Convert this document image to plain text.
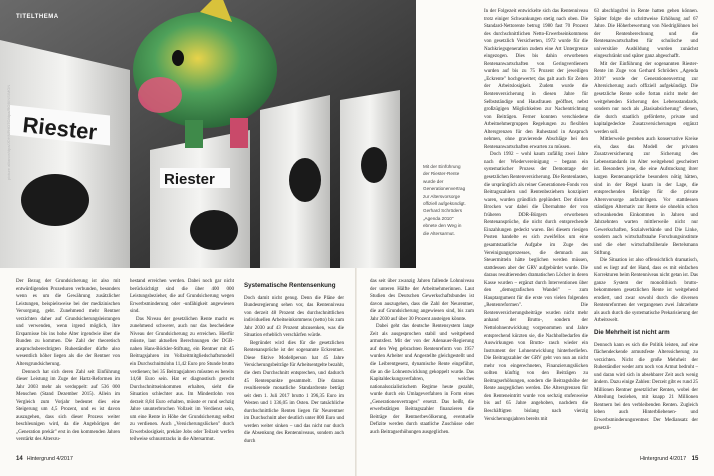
Riester
Riester
picture alliance/dpa/JOHNPHOTO/dpa/ROBINSIMON
TITELTHEMA
Mit der Einführung der Riester-Rente wurde der Generationenvertrag zur Altersvorsorge offiziell aufgekündigt. Gerhard Schröders „Agenda 2010" ebnete den Weg in die Altersarmut.

Der Bezug der Grundsicherung ist also mit entwürdigenden Prozeduren verbunden, besonders wenn es um die Gewährung zusätzlicher Leistungen, beispielsweise bei der medizinischen Versorgung, geht. Zunehmend mehr Rentner verzichten daher auf Grundsicherungsleistungen und verwenden, wenn irgend möglich, ihre Ersparnisse bis ins hohe Alter irgendwie über die Runden zu kommen. Die Zahl der theoretisch anspruchsberechtigten Ruheständler dürfte also wesentlich höher liegen als die der Rentner von Altersgrundsicherung.

Dennoch hat sich deren Zahl seit Einführung dieser Leistung im Zuge der Hartz-Reformen im Jahr 2003 mehr als verdoppelt: auf 536 000 Menschen (Stand Dezember 2015). Allein im Vergleich zum Vorjahr bedeutet dies eine Steigerung um 4,5 Prozent, und es ist davon auszugehen, dass sich dieser Prozess weiter beschleunigen wird, da die Angehörigen der „Generation prekär" erst in den kommenden Jahren verstärkt des Altersru-

hestand erreichen werden. Dabei noch gar nicht berücksichtigt sind die über 400 000 Leistungsbezieher, die auf Grundsicherung wegen Erwerbsminderung oder -unfähigkeit angewiesen sind.

Das Niveau der gesetzlichen Rente macht es zunehmend schwerer, auch nur das bescheidene Niveau der Grundsicherung zu erreichen. Hierfür müsste, laut aktuellen Berechnungen der DGB-nahen Hans-Böckler-Stiftung, ein Rentner mit 45 Beitragsjahren im Vollzeitmitgliedschaftsmodell ein Durchschnittslohn 11,42 Euro pro Stunde brutto verdienen; bei 35 Beitragsjahren müssten es bereits 14,68 Euro sein. Hat er diagnostisch gerecht Durchschnittseinkommen erhalten, sieht die Situation schlechter aus. Im Mindestlohn von derzeit 8,84 Euro erhalten, müsste er rund sechzig Jahre ununterbrochen Vollzeit im Verdienst sein, um eine Rente in Höhe der Grundsicherung selbst zu verdienen. Auch „Versicherungslücken" durch Erwerbslosigkeit, prekäre Jobs oder Teilzeit werfen teilweise schnurstracks in die Altersarmut.

Systematische Rentensenkung

Doch damit nicht genug. Denn die Pläne der Bundesregierung sehen vor, das Rentenniveau von derzeit 48 Prozent des durchschnittlichen individuellen Arbeitseinkommens (netto) bis zum Jahr 2030 auf 43 Prozent abzusenken, was die Situation erheblich verschärfen würde.

Begründet wird dies für die gesetzlichen Rentenansprüche ist der sogenannte Eckrentner. Diese fiktive Modellperson hat 45 Jahre Versicherungsbeiträge für Arbeitsentgelte bezahlt, die dem Durchschnitt entsprechen, und dadurch 45 Rentenpunkte gesammelt. Die daraus resultierende monatliche Standardrente beträgt seit dem 1. Juli 2017 brutto 1 396,35 Euro im Westen und 1 336,05 im Osten. Der tatsächliche durchschnittliche Renten liegen für Neurentner im Durchschnitt aber deutlich unter 800 Euro und werden weiter sinken – und das nicht nur durch die Absenkung des Rentenniveaus, sondern auch durch

das seit über zwanzig Jahren fallende Lohnniveau der unteren Hälfte der Arbeitnehmerinnen. Laut Studien des Deutschen Gewerkschaftsbundes ist davon auszugehen, dass die Zahl der Neurentner, die auf Grundsicherung angewiesen sind, bis zum Jahr 2030 auf über 30 Prozent ansteigen könnte.

Dabei geht das deutsche Rentensystem lange Zeit als ausgesprochen stabil und weitgehend armutsfest. Mit der von der Adenauer-Regierung auf den Weg gebrachten Rentenreform von 1957 wurden Arbeiter und Angestellte gleichgestellt und die Leibrentgesetz, dynamische Rente eingeführt, die an die Lohnentwicklung gekoppelt wurde. Das Kapitaldeckungsverfahren, welches nationalsozialistischem Regime heute gezahlt, wurde durch ein Umlageverfahren in Form eines „Generationenvertrages" ersetzt. Das heißt, die erwerbstätigen Beitragszahler finanzieren die Beiträge der Rentnerbevölkerung, eventuelle Defizite werden durch staatliche Zuschüsse oder auch Beitragserhöhungen ausgeglichen.

In der Folgezeit entwickelte sich das Rentenniveau trotz einiger Schwankungen stetig nach oben. Die Standard-Nettorente betrug 1980 fast 70 Prozent des durchschnittlichen Netto-Erwerbseinkommens von gesetzlich Versicherten, 1972 wurde für die Nachkriegsgeneration zudem eine Art Untergrenze eingezogen. Dies bis dahin erworbenen Rentenanwartschaften von Geringverdienern wurden auf bis zu 75 Prozent der jeweiligen „Eckrente" hochgewertet; das galt auch für Zeiten der Arbeitslosigkeit. Zudem wurde die Rentenversicherung in diesen Jahre für Selbstständige und Hausfrauen geöffnet, nebst großzügigen Möglichkeiten zur Nachentrichtung von Beiträgen. Ferner konnten verschiedene Arbeitnehmergruppen Regelungen zu flexiblen Altersgrenzen für den Ruhestand in Anspruch nehmen, ohne gravierende Abschläge bei den Rentenanwartschaften erwarten zu müssen.

Doch 1992 – wohl kaum zufällig zwei Jahre nach der Wiedervereinigung – begann ein systematischer Prozess der Demontage der gesetzlichen Rentenversicherung. Die Rentenlasten, die ursprünglich als reiner Generationen-Fonds von Beitragszahlern und Rentenbeziehern konzipiert waren, wurden gründlich geplündert. Der dickste Brocken war dabei die Übernahme der von früheren DDR-Bürgern erworbenen Rentenansprüche, die nicht durch entsprechende Einzahlungen gedeckt waren. Bei diesem riesigen Posten handelte es sich zweifellos um eine gesamtstaatliche Aufgabe im Zuge des Vereinigungsprozesses, die demnach aus Steuermitteln hätte beglichen werden müssen, stattdessen aber der GRV aufgebürdet wurde. Die daraus resultierenden dramatischen Löcher in deren Kasse wurden – ergänzt durch Interventionen über den „demografischen Wandel" – zum Hauptargument für die erste von vielen folgenden „Rentenreformen". Die Rentenversicherungsbeiträge wurden nicht mehr anhand der Brutto-, sondern der Nettolohnentwicklung vorgenommen und Jahre entsprechend kürzten sie, die Nachholbedarfen die Auswirkungen von Brutto- rasch wieder ein Instrument der Lohnentwicklung hinterherliefen. Die Beitragszahler der GRV geht von nun an nicht mehr von eingerechneten, Finanzierungslücken sollten künftig von den Beiträgen zu Beitragserhöhungen, sondern die Beitragshöhe der Rente ausgeglichen werden. Die Altersgrenzen für den Renteneintritt wurde von sechzig stufenweise bis auf 65 Jahre angehoben, nachdem die Beschäftigten bislang nach vierzig Versicherungsjahren bereits mit

63 abschlagsfrei in Rente hatten gehen können. Später folgte die schrittweise Erhöhung auf 67 Jahre. Die Höherbewertung von Niedriglöhnen bei der Rentenberechnung und die Rentenanwartschaften für schulische und universitäre Ausbildung wurden zunächst eingeschränkt und später ganz abgeschafft.

Mit der Einführung der sogenannten Riester-Rente im Zuge von Gerhard Schröders „Agenda 2010" wurde der Generationenvertrag zur Altersicherung auch offiziell aufgekündigt. Die gesetzliche Rente solle fortan nicht mehr der weitgehenden Sicherung des Lebensstandards, sondern nur noch als „Basisabsicherung" dienen, die durch staatlich geförderte, private und kapitalgedeckte Zusatzversicherungen ergänzt werden soll.

Mittlerweile gestehen auch konservative Kreise ein, dass das Modell der privaten Zusatzversicherung zur Sicherung des Lebensstandards im Alter weitgehend gescheitert ist. Besonders jene, die eine Aufstockung ihrer kargen Rentenansprüche besonders nötig hätten, sind in der Regel kaum in der Lage, die entsprechenden Beiträge für die private Altersvorsorge aufzubringen. Vor stattdessen ständigen Alternativ zur Rente sie ohnehin schon schwankenden Einkommen in Jahren und Jahrzehnten warten mittlerweile nicht nur Gewerkschaften, Sozialverbände und Die Linke, sondern auch wirtschaftsnahe Forschungsinstitute und die eher wirtschaftsliberale Bertelsmann Stiftung.

Die Situation ist also offensichtlich dramatisch, und es liegt auf der Hand, dass es mit einfachen Korrekturen beim Rentenniveau nicht getan ist. Das ganze System der monolithisch brutto-bekommenen gesetzlichen Rente ist weitgehend erodiert, und zwar sowohl durch die diversen Rentenreformen der vergangenen zwei Jahrzehnte als auch durch die systematische Prekarisierung der Arbeitswelt.

Die Mehrheit ist nicht arm

Dennoch kann es sich die Politik leisten, auf eine flächendeckende armutsfeste Alterssicherung zu verzichten. Nicht die große Mehrheit der Ruheständler weder arm noch von Armut bedroht – und daran wird sich in absehbarer Zeit auch wenig ändern. Dazu einige Zahlen: Derzeit gibt es rund 25 Millionen Rentner gesetzlicher Renten, wobei der Abteilung beziehen, mit knapp 21 Millionen Rentnern bei den verbleibenden Renten. Zugleich leben auch Hinterbliebenen- und Erwerbsminderungsrentner. Der Mediansatz der gesetzli-

14 Hintergrund 4/2017	Hintergrund 4/2017 15
